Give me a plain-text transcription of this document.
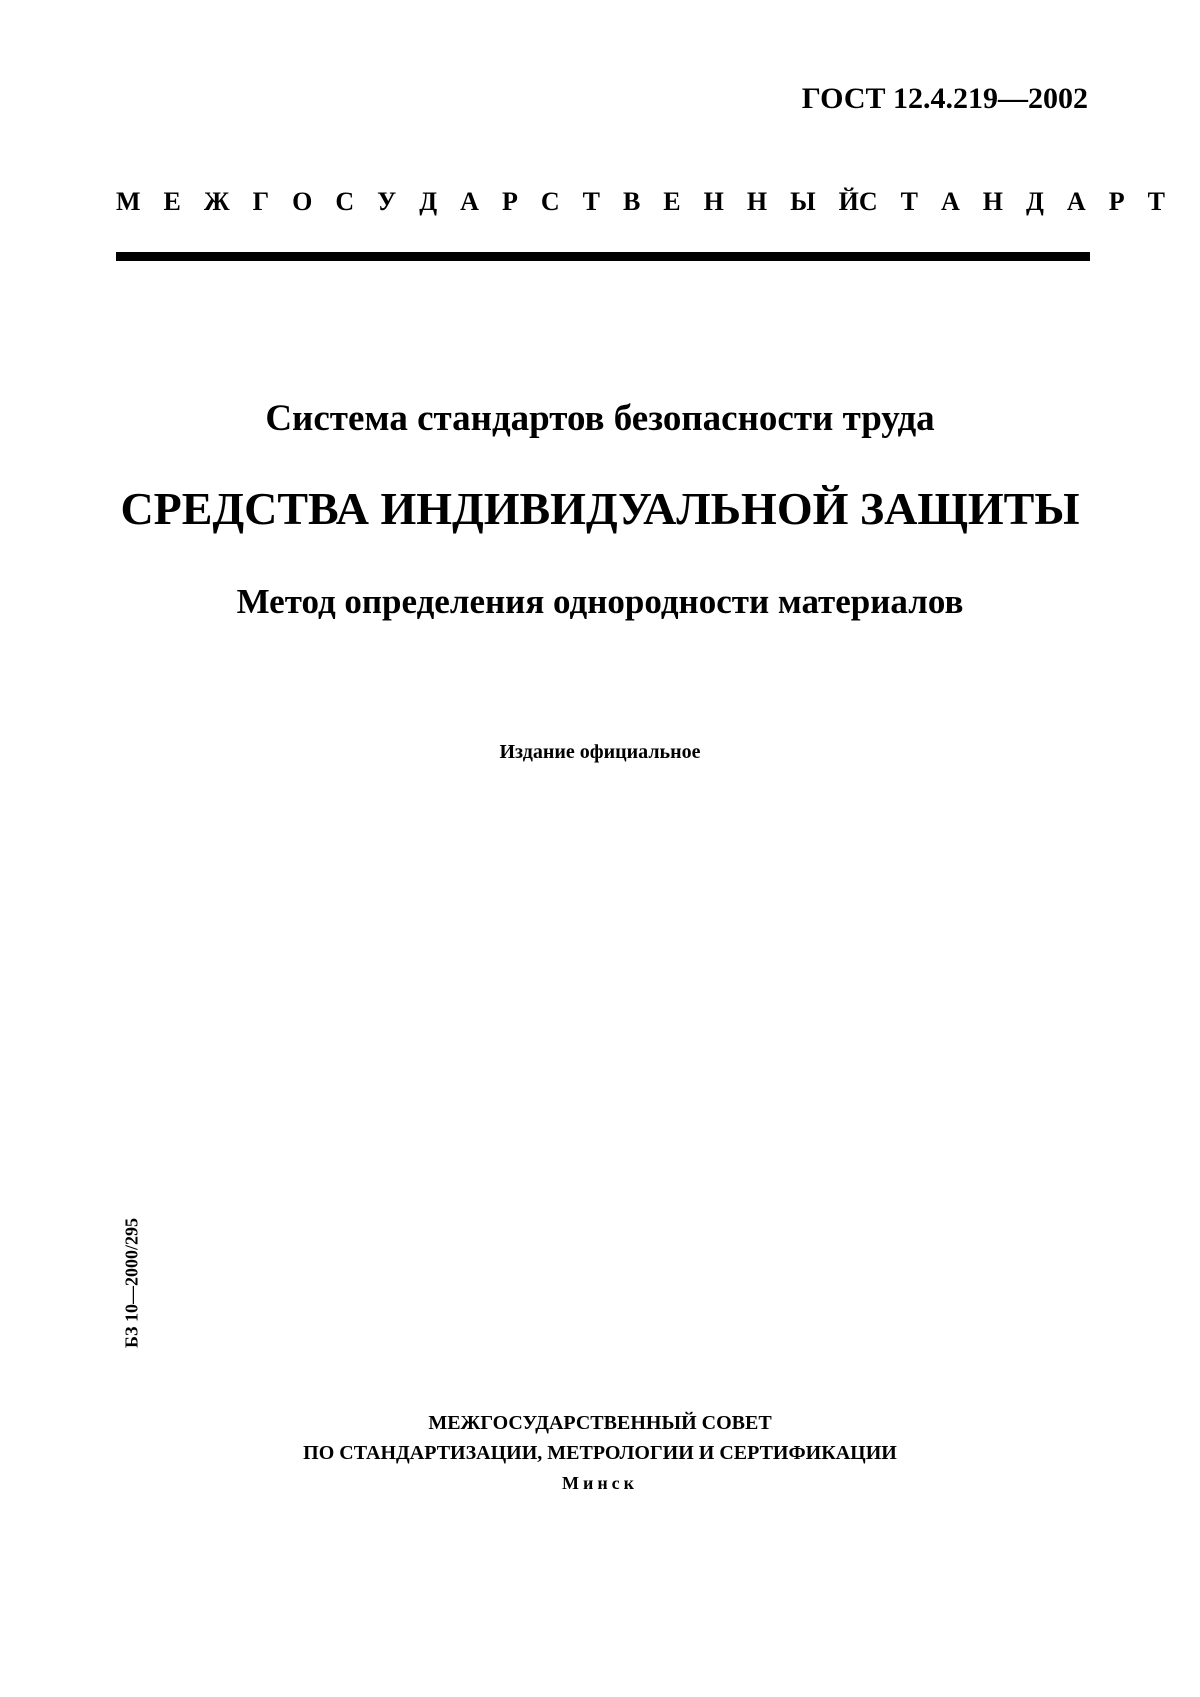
ГОСТ 12.4.219—2002
М Е Ж Г О С У Д А Р С Т В Е Н Н Ы Й С Т А Н Д А Р Т
Система стандартов безопасности труда
СРЕДСТВА ИНДИВИДУАЛЬНОЙ ЗАЩИТЫ
Метод определения однородности материалов
Издание официальное
БЗ 10—2000/295
МЕЖГОСУДАРСТВЕННЫЙ СОВЕТ
ПО СТАНДАРТИЗАЦИИ, МЕТРОЛОГИИ И СЕРТИФИКАЦИИ
Минск
